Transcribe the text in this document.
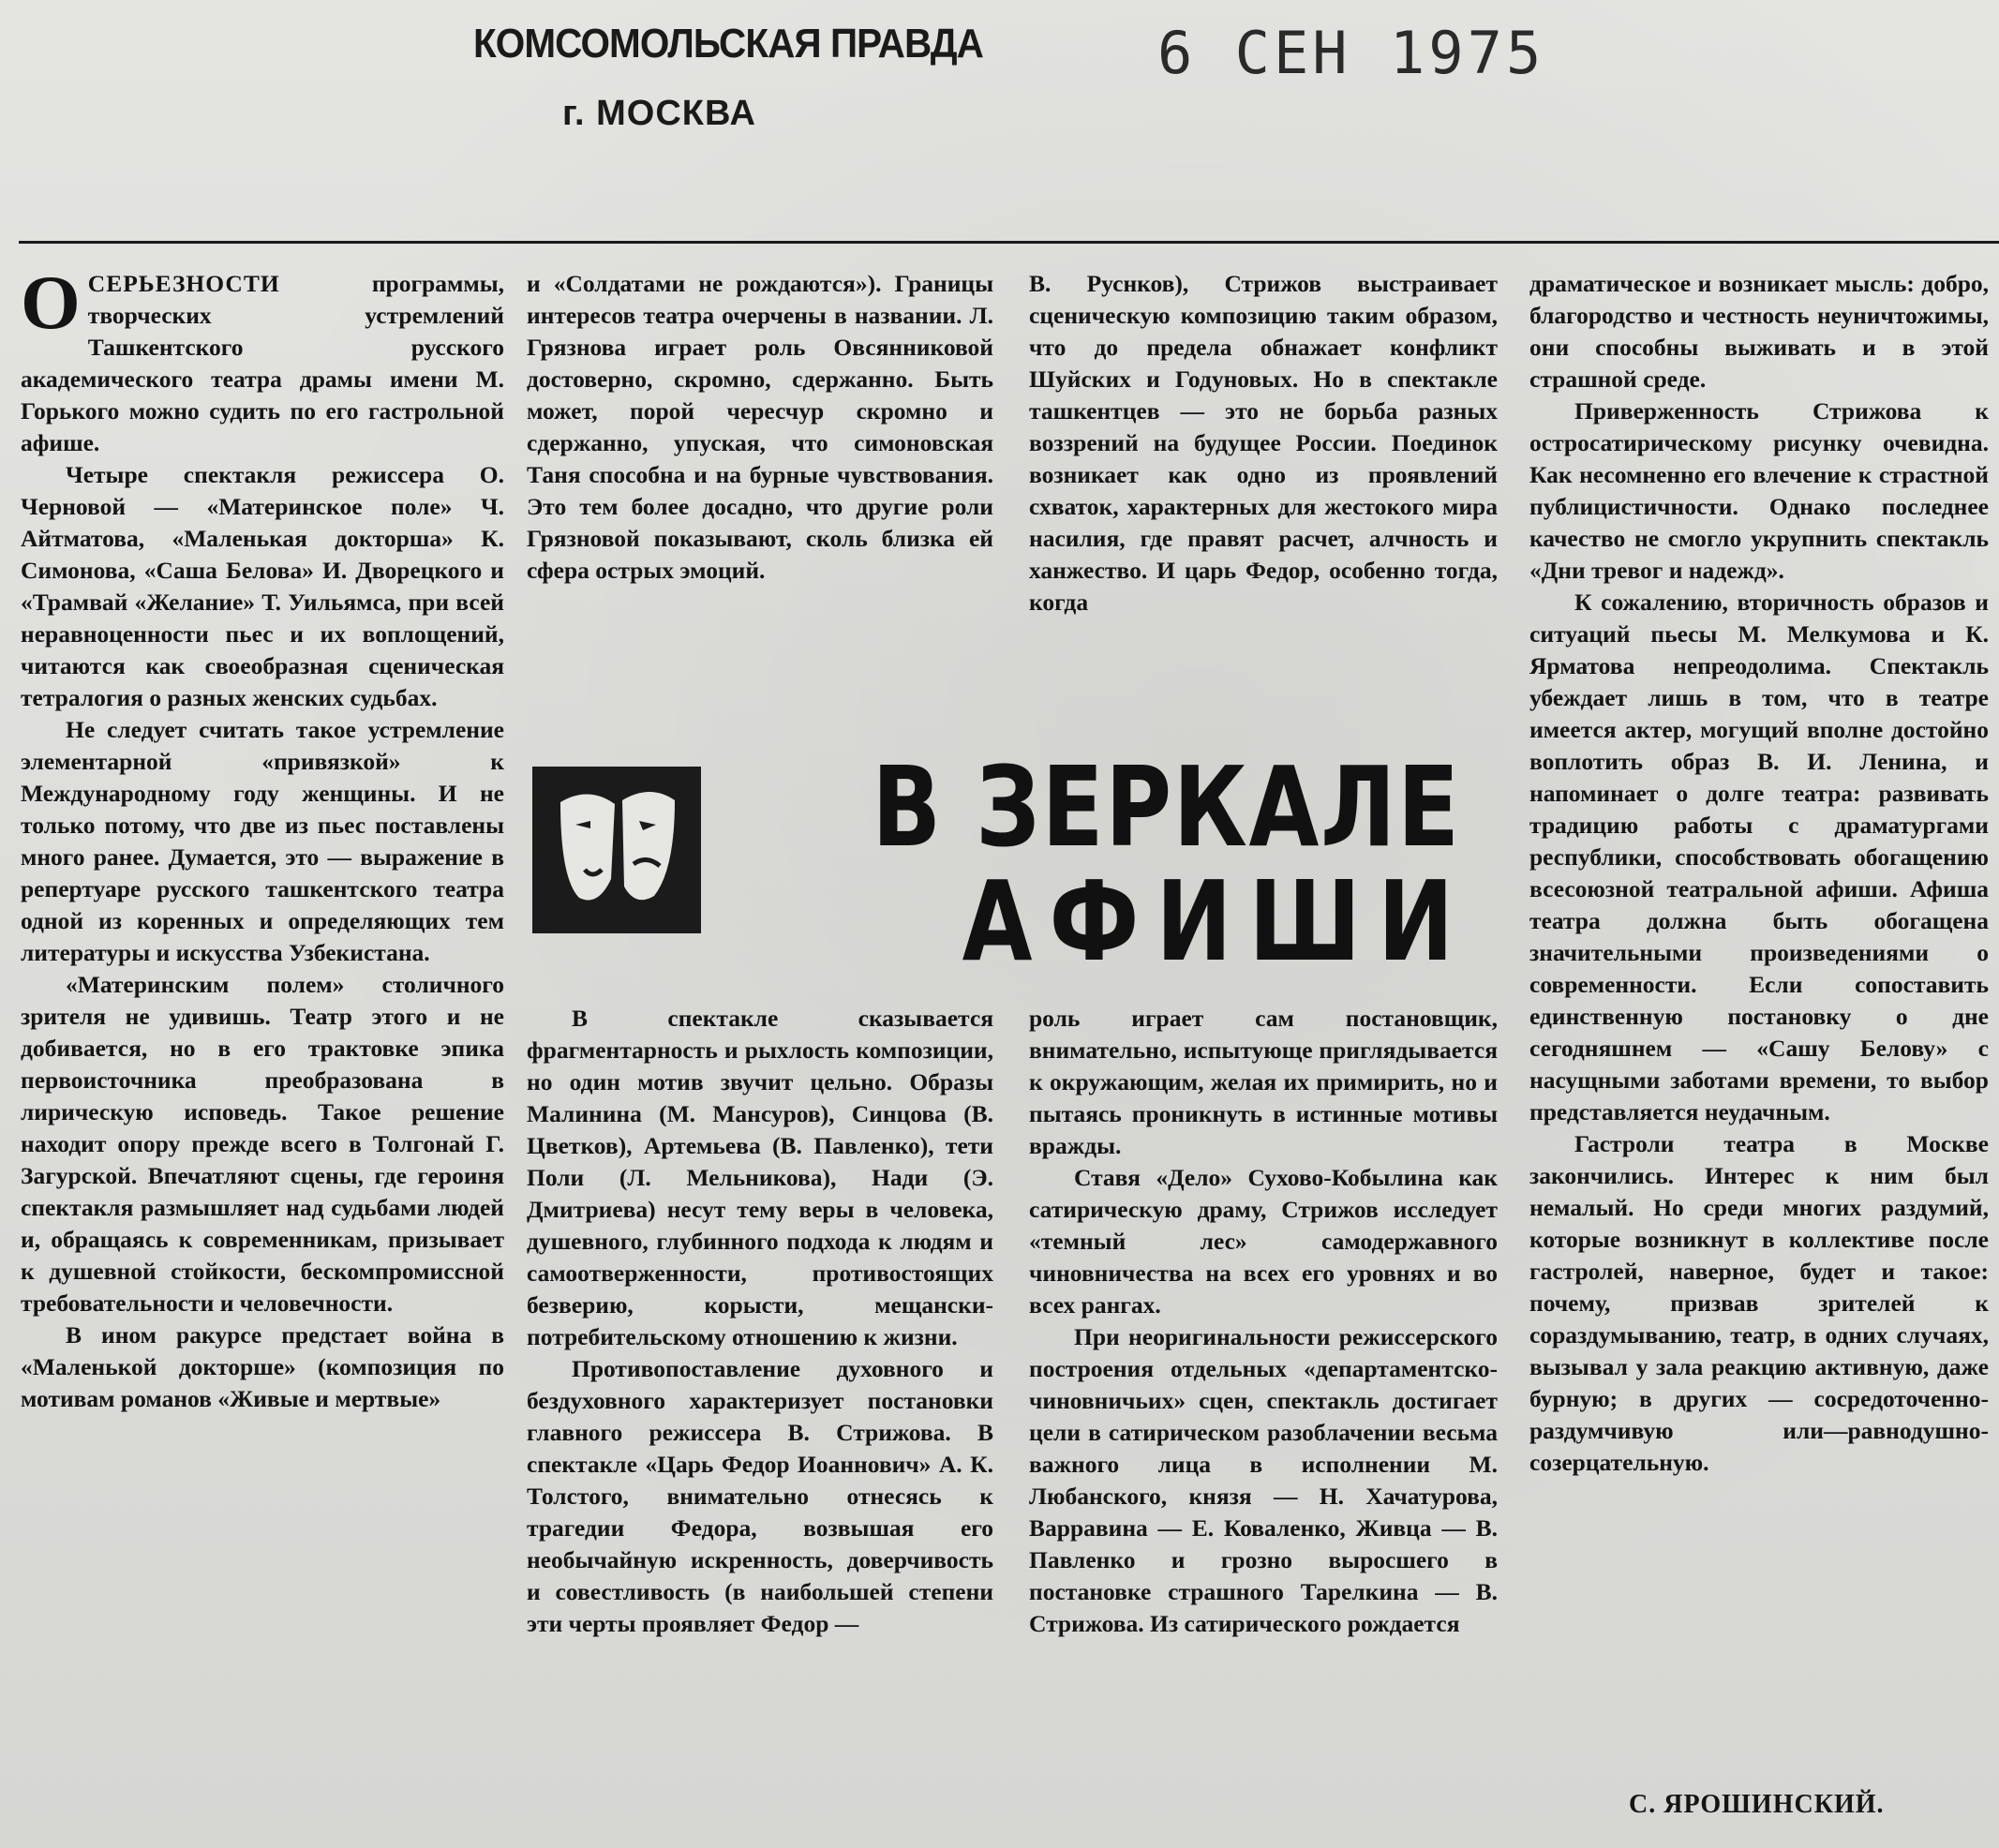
КОМСОМОЛЬСКАЯ ПРАВДА
г. МОСКВА
6 СЕН 1975

ОСЕРЬЕЗНОСТИ программы, творческих устремлений Ташкентского русского академического театра драмы имени М. Горького можно судить по его гастрольной афише.

Четыре спектакля режиссера О. Черновой — «Материнское поле» Ч. Айтматова, «Маленькая докторша» К. Симонова, «Саша Белова» И. Дворецкого и «Трамвай «Желание» Т. Уильямса, при всей неравноценности пьес и их воплощений, читаются как своеобразная сценическая тетралогия о разных женских судьбах.

Не следует считать такое устремление элементарной «привязкой» к Международному году женщины. И не только потому, что две из пьес поставлены много ранее. Думается, это — выражение в репертуаре русского ташкентского театра одной из коренных и определяющих тем литературы и искусства Узбекистана.

«Материнским полем» столичного зрителя не удивишь. Театр этого и не добивается, но в его трактовке эпика первоисточника преобразована в лирическую исповедь. Такое решение находит опору прежде всего в Толгонай Г. Загурской. Впечатляют сцены, где героиня спектакля размышляет над судьбами людей и, обращаясь к современникам, призывает к душевной стойкости, бескомпромиссной требовательности и человечности.

В ином ракурсе предстает война в «Маленькой докторше» (композиция по мотивам романов «Живые и мертвые»

и «Солдатами не рождаются»). Границы интересов театра очерчены в названии. Л. Грязнова играет роль Овсянниковой достоверно, скромно, сдержанно. Быть может, порой чересчур скромно и сдержанно, упуская, что симоновская Таня способна и на бурные чувствования. Это тем более досадно, что другие роли Грязновой показывают, сколь близка ей сфера острых эмоций.

В. Руснков), Стрижов выстраивает сценическую композицию таким образом, что до предела обнажает конфликт Шуйских и Годуновых. Но в спектакле ташкентцев — это не борьба разных воззрений на будущее России. Поединок возникает как одно из проявлений схваток, характерных для жестокого мира насилия, где правят расчет, алчность и ханжество. И царь Федор, особенно тогда, когда

В ЗЕРКАЛЕ
АФИШИ

В спектакле сказывается фрагментарность и рыхлость композиции, но один мотив звучит цельно. Образы Малинина (М. Мансуров), Синцова (В. Цветков), Артемьева (В. Павленко), тети Поли (Л. Мельникова), Нади (Э. Дмитриева) несут тему веры в человека, душевного, глубинного подхода к людям и самоотверженности, противостоящих безверию, корысти, мещански-потребительскому отношению к жизни.

Противопоставление духовного и бездуховного характеризует постановки главного режиссера В. Стрижова. В спектакле «Царь Федор Иоаннович» А. К. Толстого, внимательно отнесясь к трагедии Федора, возвышая его необычайную искренность, доверчивость и совестливость (в наибольшей степени эти черты проявляет Федор —

роль играет сам постановщик, внимательно, испытующе приглядывается к окружающим, желая их примирить, но и пытаясь проникнуть в истинные мотивы вражды.

Ставя «Дело» Сухово-Кобылина как сатирическую драму, Стрижов исследует «темный лес» самодержавного чиновничества на всех его уровнях и во всех рангах.

При неоригинальности режиссерского построения отдельных «департаментско-чиновничьих» сцен, спектакль достигает цели в сатирическом разоблачении весьма важного лица в исполнении М. Любанского, князя — Н. Хачатурова, Варравина — Е. Коваленко, Живца — В. Павленко и грозно выросшего в постановке страшного Тарелкина — В. Стрижова. Из сатирического рождается

драматическое и возникает мысль: добро, благородство и честность неуничтожимы, они способны выживать и в этой страшной среде.

Приверженность Стрижова к остросатирическому рисунку очевидна. Как несомненно его влечение к страстной публицистичности. Однако последнее качество не смогло укрупнить спектакль «Дни тревог и надежд».

К сожалению, вторичность образов и ситуаций пьесы М. Мелкумова и К. Ярматова непреодолима. Спектакль убеждает лишь в том, что в театре имеется актер, могущий вполне достойно воплотить образ В. И. Ленина, и напоминает о долге театра: развивать традицию работы с драматургами республики, способствовать обогащению всесоюзной театральной афиши. Афиша театра должна быть обогащена значительными произведениями о современности. Если сопоставить единственную постановку о дне сегодняшнем — «Сашу Белову» с насущными заботами времени, то выбор представляется неудачным.

Гастроли театра в Москве закончились. Интерес к ним был немалый. Но среди многих раздумий, которые возникнут в коллективе после гастролей, наверное, будет и такое: почему, призвав зрителей к сораздумыванию, театр, в одних случаях, вызывал у зала реакцию активную, даже бурную; в других — сосредоточенно-раздумчивую или—равнодушно-созерцательную.

С. ЯРОШИНСКИЙ.
